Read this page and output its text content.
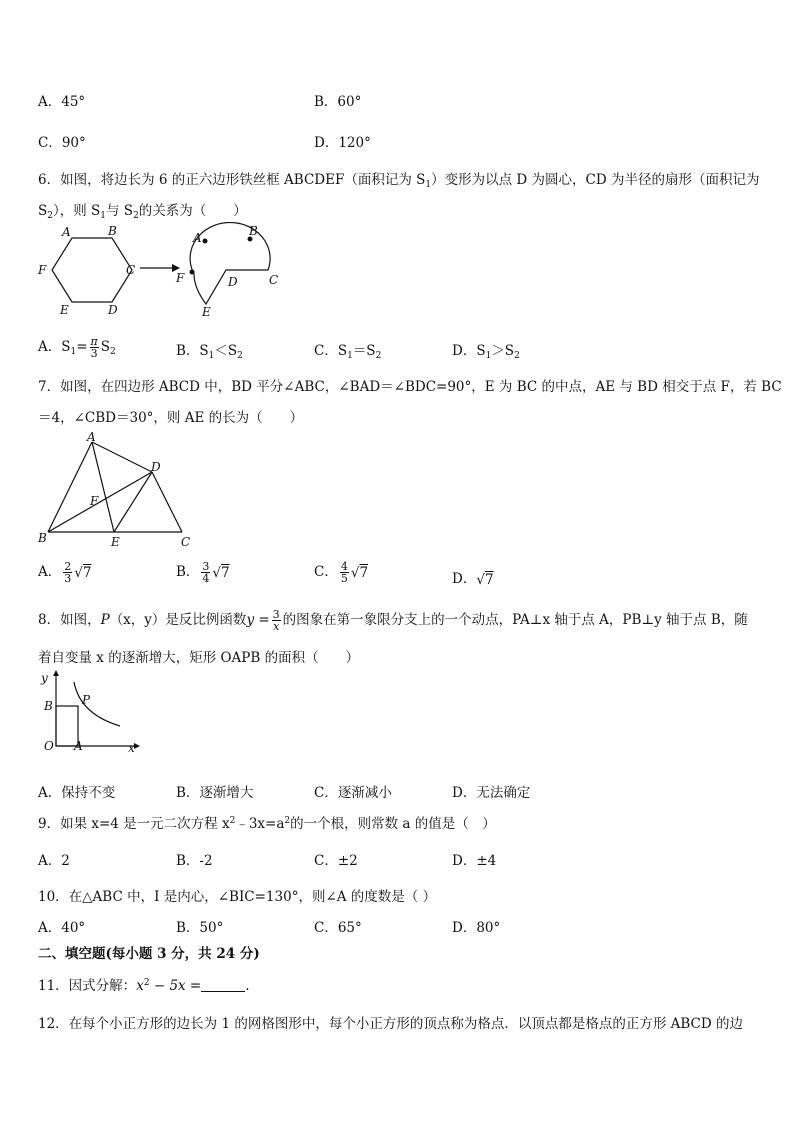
A．45°	B．60°
C．90°	D．120°
6．如图，将边长为 6 的正六边形铁丝框 ABCDEF（面积记为 $S_1$）变形为以点 D 为圆心，CD 为半径的扇形（面积记为
$S_2$），则 $S_1$与 $S_2$的关系为（　　）
A	B
C
D
E
F
A	B
C
D
E
F
A．$S_1= \frac{\pi}{3} S_2$	B．$S_1<S_2$	C．$S_1=S_2$	D．$S_1>S_2$
7．如图，在四边形 ABCD 中，BD 平分∠ABC，∠BAD＝∠BDC=90°，E 为 BC 的中点，AE 与 BD 相交于点 F，若 BC
＝4，∠CBD＝30°，则 AE 的长为（　　）
A
B	C
D
E
F
A． $\frac{2}{3} √7$	B． $\frac{3}{4} √7$	C． $\frac{4}{5} √7$	D．√7
8．如图，P（x，y）是反比例函数$y = \frac{3}{x}$ 的图象在第一象限分支上的一个动点，PA⊥x 轴于点 A，PB⊥y 轴于点 B，随
着自变量 x 的逐渐增大，矩形 OAPB 的面积（　　）
y
x
O A
B P
A．保持不变	B．逐渐增大	C．逐渐减小	D．无法确定
9．如果 x=4 是一元二次方程 $x^2﹣3x=a^2$的一个根，则常数 a 的值是（　）
A．2	B．-2	C．±2	D．±4
10．在△ABC 中，I 是内心，∠BIC=130°，则∠A 的度数是（ ）
A．40°	B．50°	C．65°	D．80°
二、填空题(每小题 3 分，共 24 分)
11．因式分解：$x^2 - 5x$ =	.
12．在每个小正方形的边长为 1 的网格图形中，每个小正方形的顶点称为格点．以顶点都是格点的正方形 ABCD 的边
